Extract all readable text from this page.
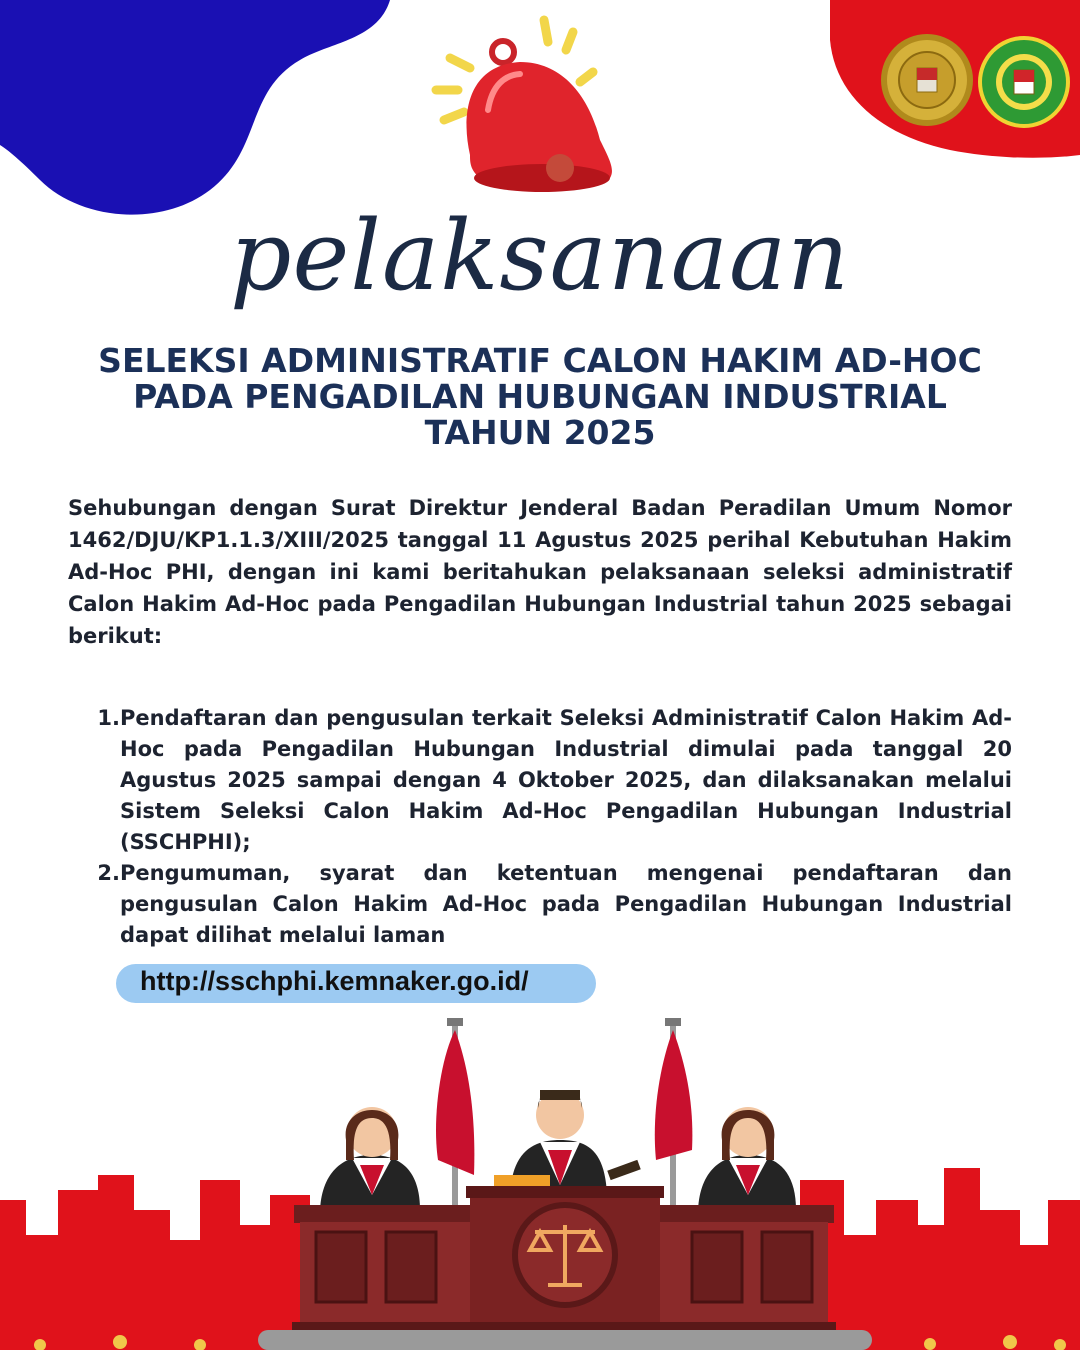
pelaksanaan
SELEKSI ADMINISTRATIF CALON HAKIM AD-HOC
PADA PENGADILAN HUBUNGAN INDUSTRIAL
TAHUN 2025
Sehubungan dengan Surat Direktur Jenderal Badan Peradilan Umum Nomor 1462/DJU/KP1.1.3/XIII/2025 tanggal 11 Agustus 2025 perihal Kebutuhan Hakim Ad-Hoc PHI, dengan ini kami beritahukan pelaksanaan seleksi administratif Calon Hakim Ad-Hoc pada Pengadilan Hubungan Industrial tahun 2025 sebagai berikut:
1. Pendaftaran dan pengusulan terkait Seleksi Administratif Calon Hakim Ad-Hoc pada Pengadilan Hubungan Industrial dimulai pada tanggal 20 Agustus 2025 sampai dengan 4 Oktober 2025, dan dilaksanakan melalui Sistem Seleksi Calon Hakim Ad-Hoc Pengadilan Hubungan Industrial (SSCHPHI);
2. Pengumuman, syarat dan ketentuan mengenai pendaftaran dan pengusulan Calon Hakim Ad-Hoc pada Pengadilan Hubungan Industrial dapat dilihat melalui laman
http://sschphi.kemnaker.go.id/
